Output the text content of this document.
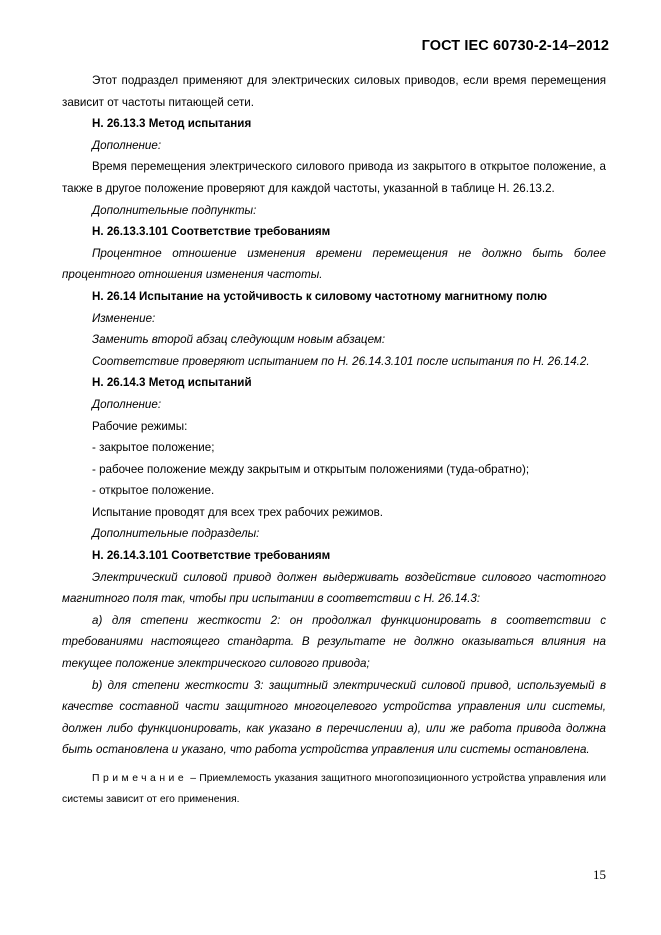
ГОСТ IEC 60730-2-14–2012

Этот подраздел применяют для электрических силовых приводов, если время перемещения зависит от частоты питающей сети.

H. 26.13.3 Метод испытания

Дополнение:

Время перемещения электрического силового привода из закрытого в открытое положение, а также в другое положение проверяют для каждой частоты, указанной в таблице H. 26.13.2.

Дополнительные подпункты:

H. 26.13.3.101 Соответствие требованиям

Процентное отношение изменения времени перемещения не должно быть более процентного отношения изменения частоты.

H. 26.14 Испытание на устойчивость к силовому частотному магнитному полю

Изменение:

Заменить второй абзац следующим новым абзацем:

Соответствие проверяют испытанием по H. 26.14.3.101 после испытания по H. 26.14.2.

H. 26.14.3 Метод испытаний

Дополнение:

Рабочие режимы:

- закрытое положение;

- рабочее положение между закрытым и открытым положениями (туда-обратно);

- открытое положение.

Испытание проводят для всех трех рабочих режимов.

Дополнительные подразделы:

H. 26.14.3.101 Соответствие требованиям

Электрический силовой привод должен выдерживать воздействие силового частотного магнитного поля так, чтобы при испытании в соответствии с H. 26.14.3:

a) для степени жесткости 2: он продолжал функционировать в соответствии с требованиями настоящего стандарта. В результате не должно оказываться влияния на текущее положение электрического силового привода;

b) для степени жесткости 3: защитный электрический силовой привод, используемый в качестве составной части защитного многоцелевого устройства управления или системы, должен либо функционировать, как указано в перечислении a), или же работа привода должна быть остановлена и указано, что работа устройства управления или системы остановлена.

Примечание – Приемлемость указания защитного многопозиционного устройства управления или системы зависит от его применения.

15
